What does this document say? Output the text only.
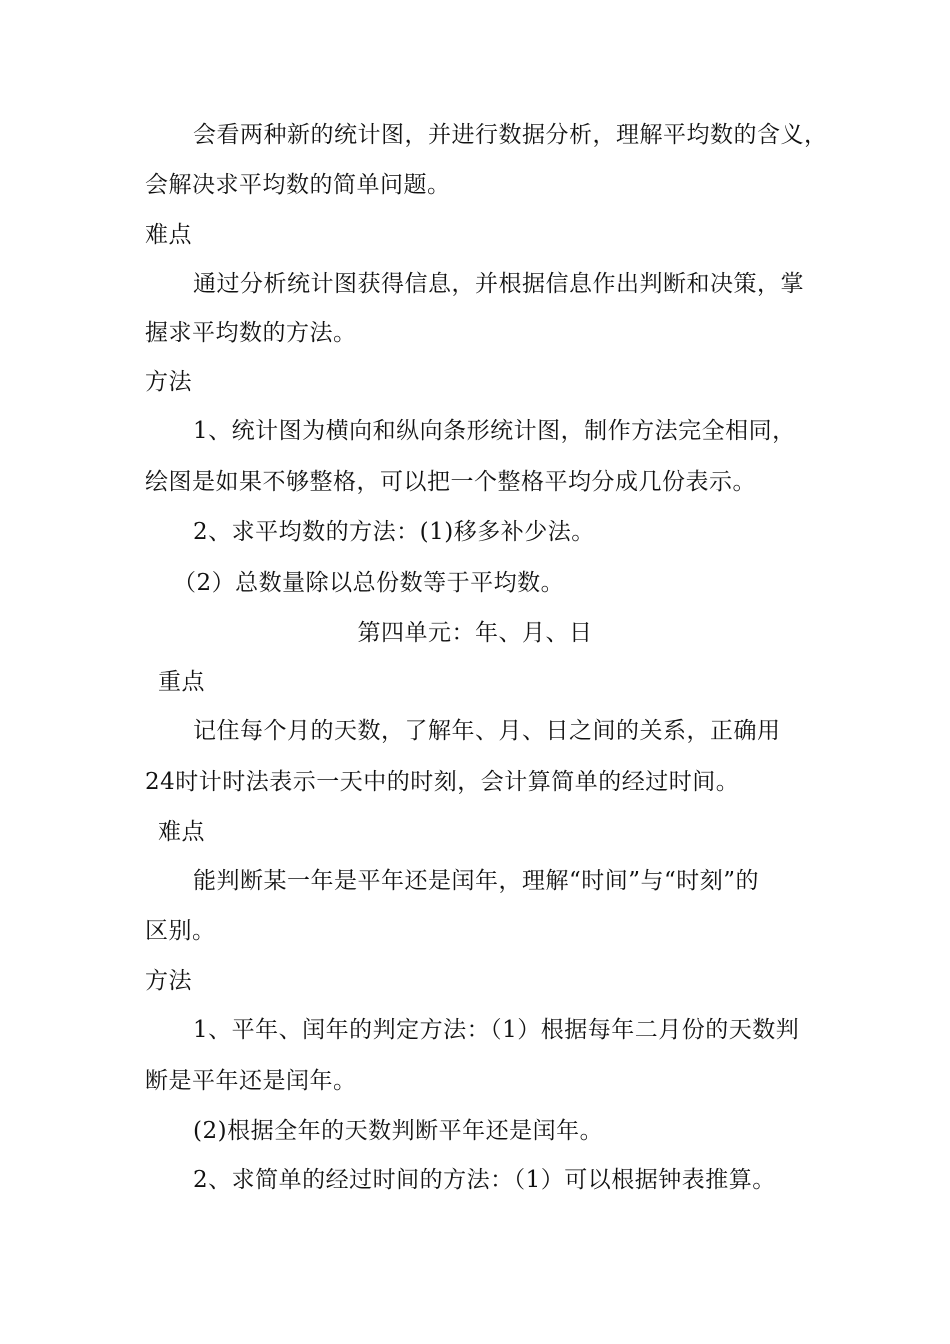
会看两种新的统计图，并进行数据分析，理解平均数的含义，
会解决求平均数的简单问题。
难点
通过分析统计图获得信息，并根据信息作出判断和决策，掌
握求平均数的方法。
方法
1、统计图为横向和纵向条形统计图，制作方法完全相同，
绘图是如果不够整格，可以把一个整格平均分成几份表示。
2、求平均数的方法：(1)移多补少法。
（2）总数量除以总份数等于平均数。
第四单元：年、月、日
重点
记住每个月的天数，了解年、月、日之间的关系，正确用
24时计时法表示一天中的时刻，会计算简单的经过时间。
难点
能判断某一年是平年还是闰年，理解“时间”与“时刻”的
区别。
方法
1、平年、闰年的判定方法：（1）根据每年二月份的天数判
断是平年还是闰年。
(2)根据全年的天数判断平年还是闰年。
2、求简单的经过时间的方法：（1）可以根据钟表推算。
